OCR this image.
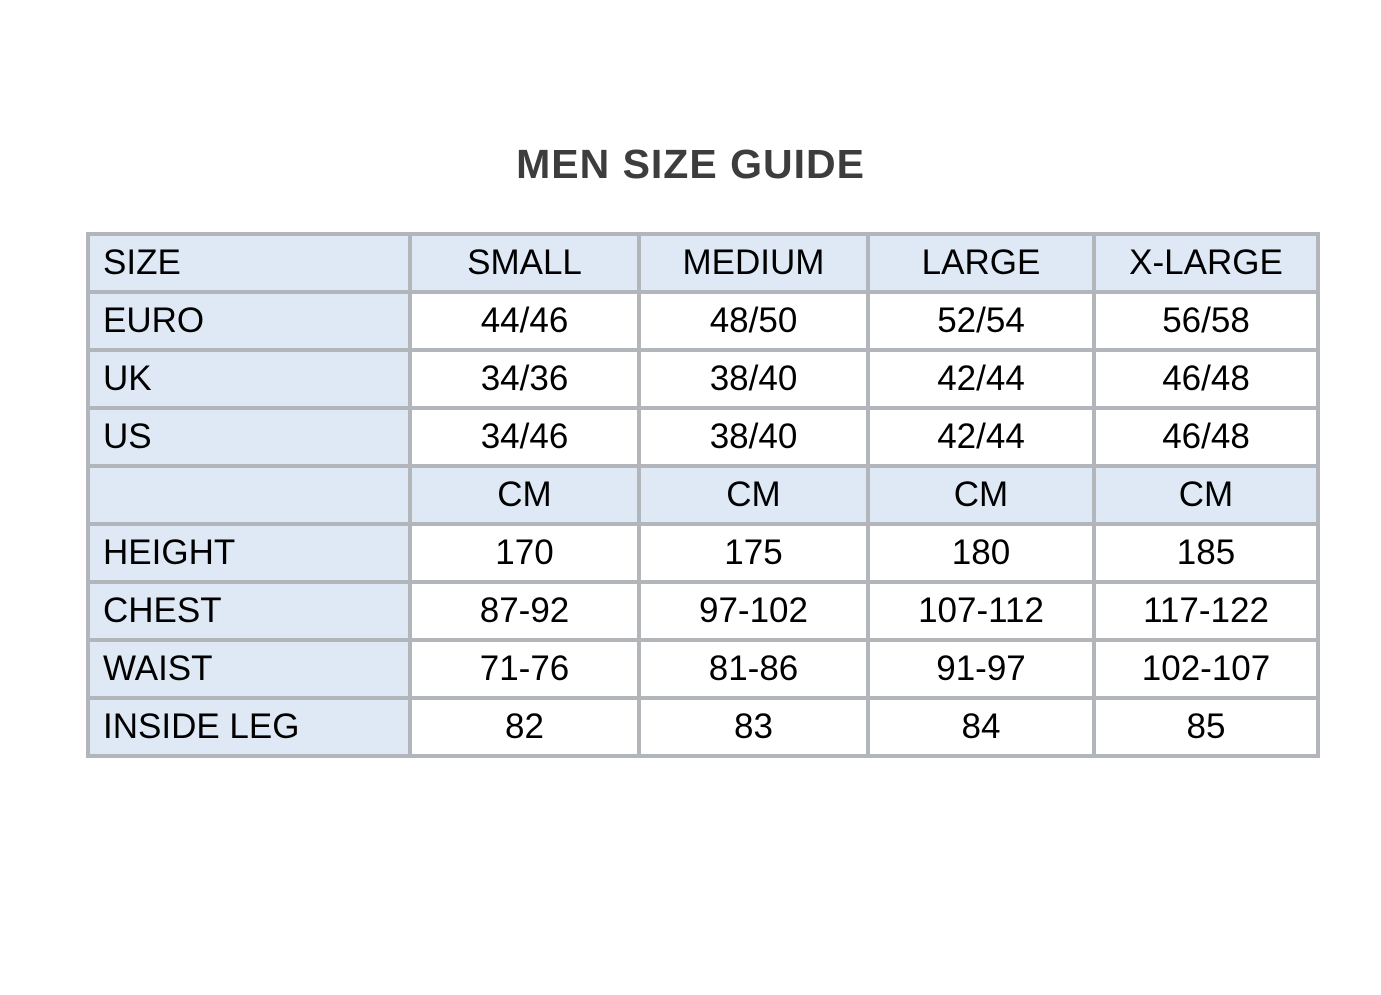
MEN SIZE GUIDE
SIZE	SMALL	MEDIUM	LARGE	X-LARGE
EURO	44/46	48/50	52/54	56/58
UK	34/36	38/40	42/44	46/48
US	34/46	38/40	42/44	46/48
	CM	CM	CM	CM
HEIGHT	170	175	180	185
CHEST	87-92	97-102	107-112	117-122
WAIST	71-76	81-86	91-97	102-107
INSIDE LEG	82	83	84	85
